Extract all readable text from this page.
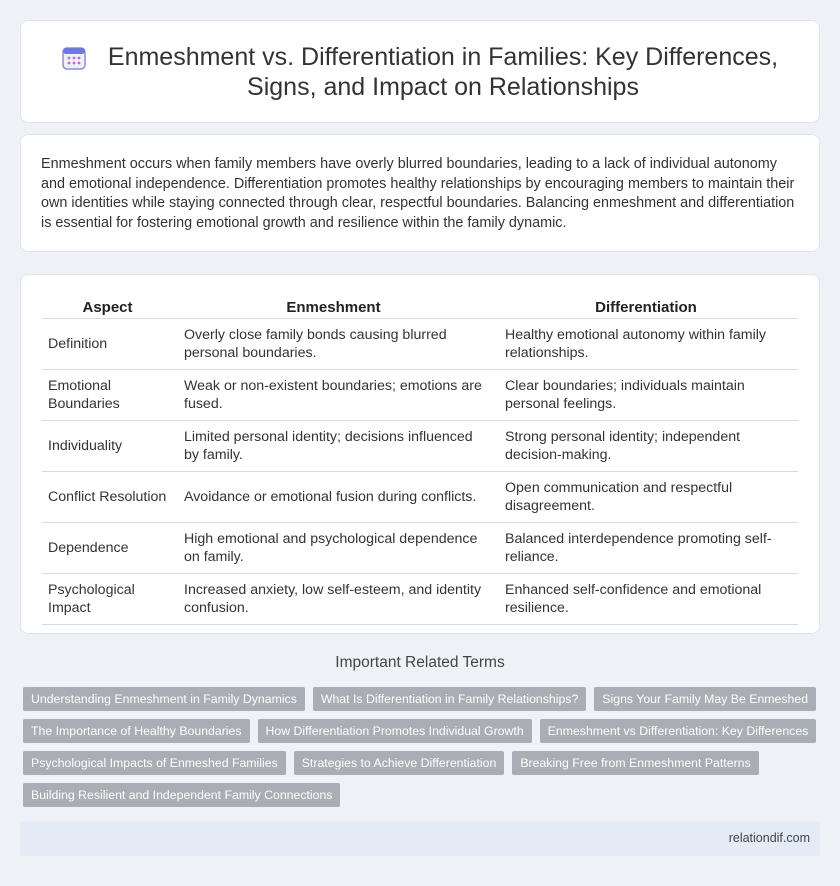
Enmeshment vs. Differentiation in Families: Key Differences, Signs, and Impact on Relationships

Enmeshment occurs when family members have overly blurred boundaries, leading to a lack of individual autonomy and emotional independence. Differentiation promotes healthy relationships by encouraging members to maintain their own identities while staying connected through clear, respectful boundaries. Balancing enmeshment and differentiation is essential for fostering emotional growth and resilience within the family dynamic.

Aspect	Enmeshment	Differentiation
Definition	Overly close family bonds causing blurred personal boundaries.	Healthy emotional autonomy within family relationships.
Emotional Boundaries	Weak or non-existent boundaries; emotions are fused.	Clear boundaries; individuals maintain personal feelings.
Individuality	Limited personal identity; decisions influenced by family.	Strong personal identity; independent decision-making.
Conflict Resolution	Avoidance or emotional fusion during conflicts.	Open communication and respectful disagreement.
Dependence	High emotional and psychological dependence on family.	Balanced interdependence promoting self-reliance.
Psychological Impact	Increased anxiety, low self-esteem, and identity confusion.	Enhanced self-confidence and emotional resilience.
Important Related Terms
Understanding Enmeshment in Family Dynamics	What Is Differentiation in Family Relationships?	Signs Your Family May Be Enmeshed
The Importance of Healthy Boundaries	How Differentiation Promotes Individual Growth	Enmeshment vs Differentiation: Key Differences
Psychological Impacts of Enmeshed Families	Strategies to Achieve Differentiation	Breaking Free from Enmeshment Patterns
Building Resilient and Independent Family Connections
relationdif.com
